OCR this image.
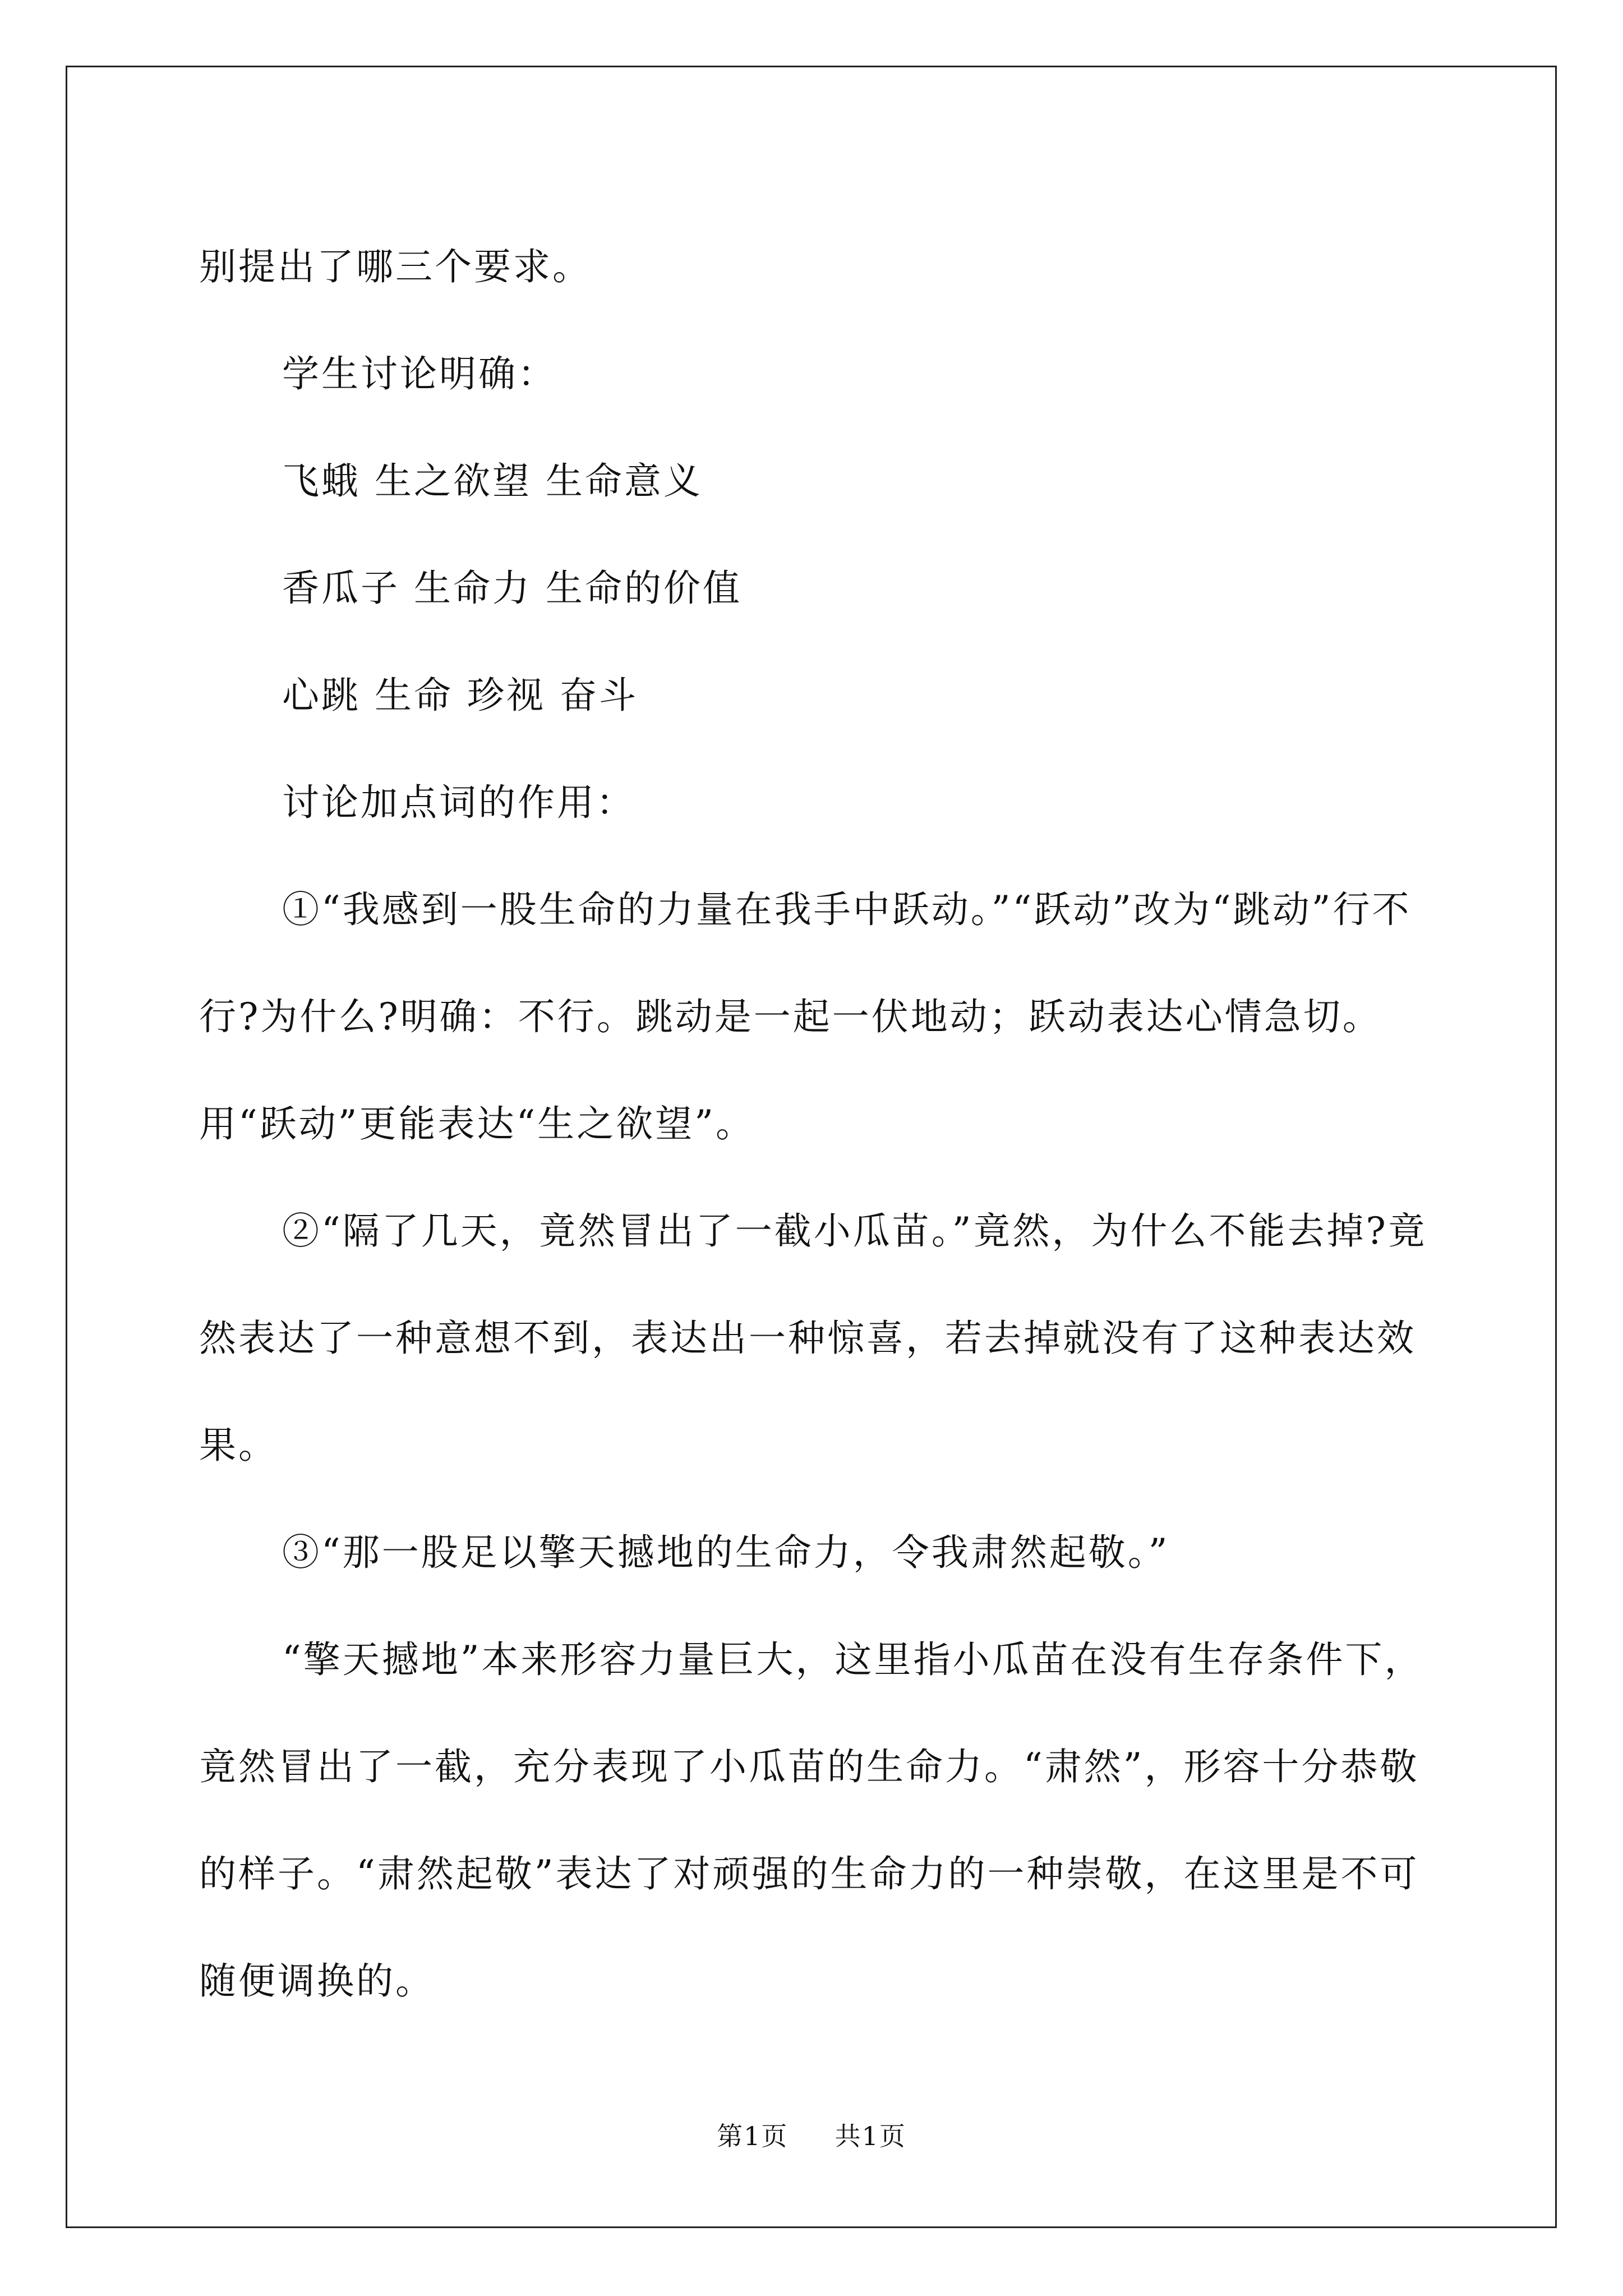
别提出了哪三个要求。

学生讨论明确：

飞蛾 生之欲望 生命意义

香瓜子 生命力 生命的价值

心跳 生命 珍视 奋斗

讨论加点词的作用：

①“我感到一股生命的力量在我手中跃动。”“跃动”改为“跳动”行不行?为什么?明确：不行。跳动是一起一伏地动；跃动表达心情急切。用“跃动”更能表达“生之欲望”。

②“隔了几天，竟然冒出了一截小瓜苗。”竟然，为什么不能去掉?竟然表达了一种意想不到，表达出一种惊喜，若去掉就没有了这种表达效果。

③“那一股足以擎天撼地的生命力，令我肃然起敬。”

“擎天撼地”本来形容力量巨大，这里指小瓜苗在没有生存条件下，竟然冒出了一截，充分表现了小瓜苗的生命力。“肃然”，形容十分恭敬的样子。“肃然起敬”表达了对顽强的生命力的一种崇敬，在这里是不可随便调换的。

第1页 共1页
